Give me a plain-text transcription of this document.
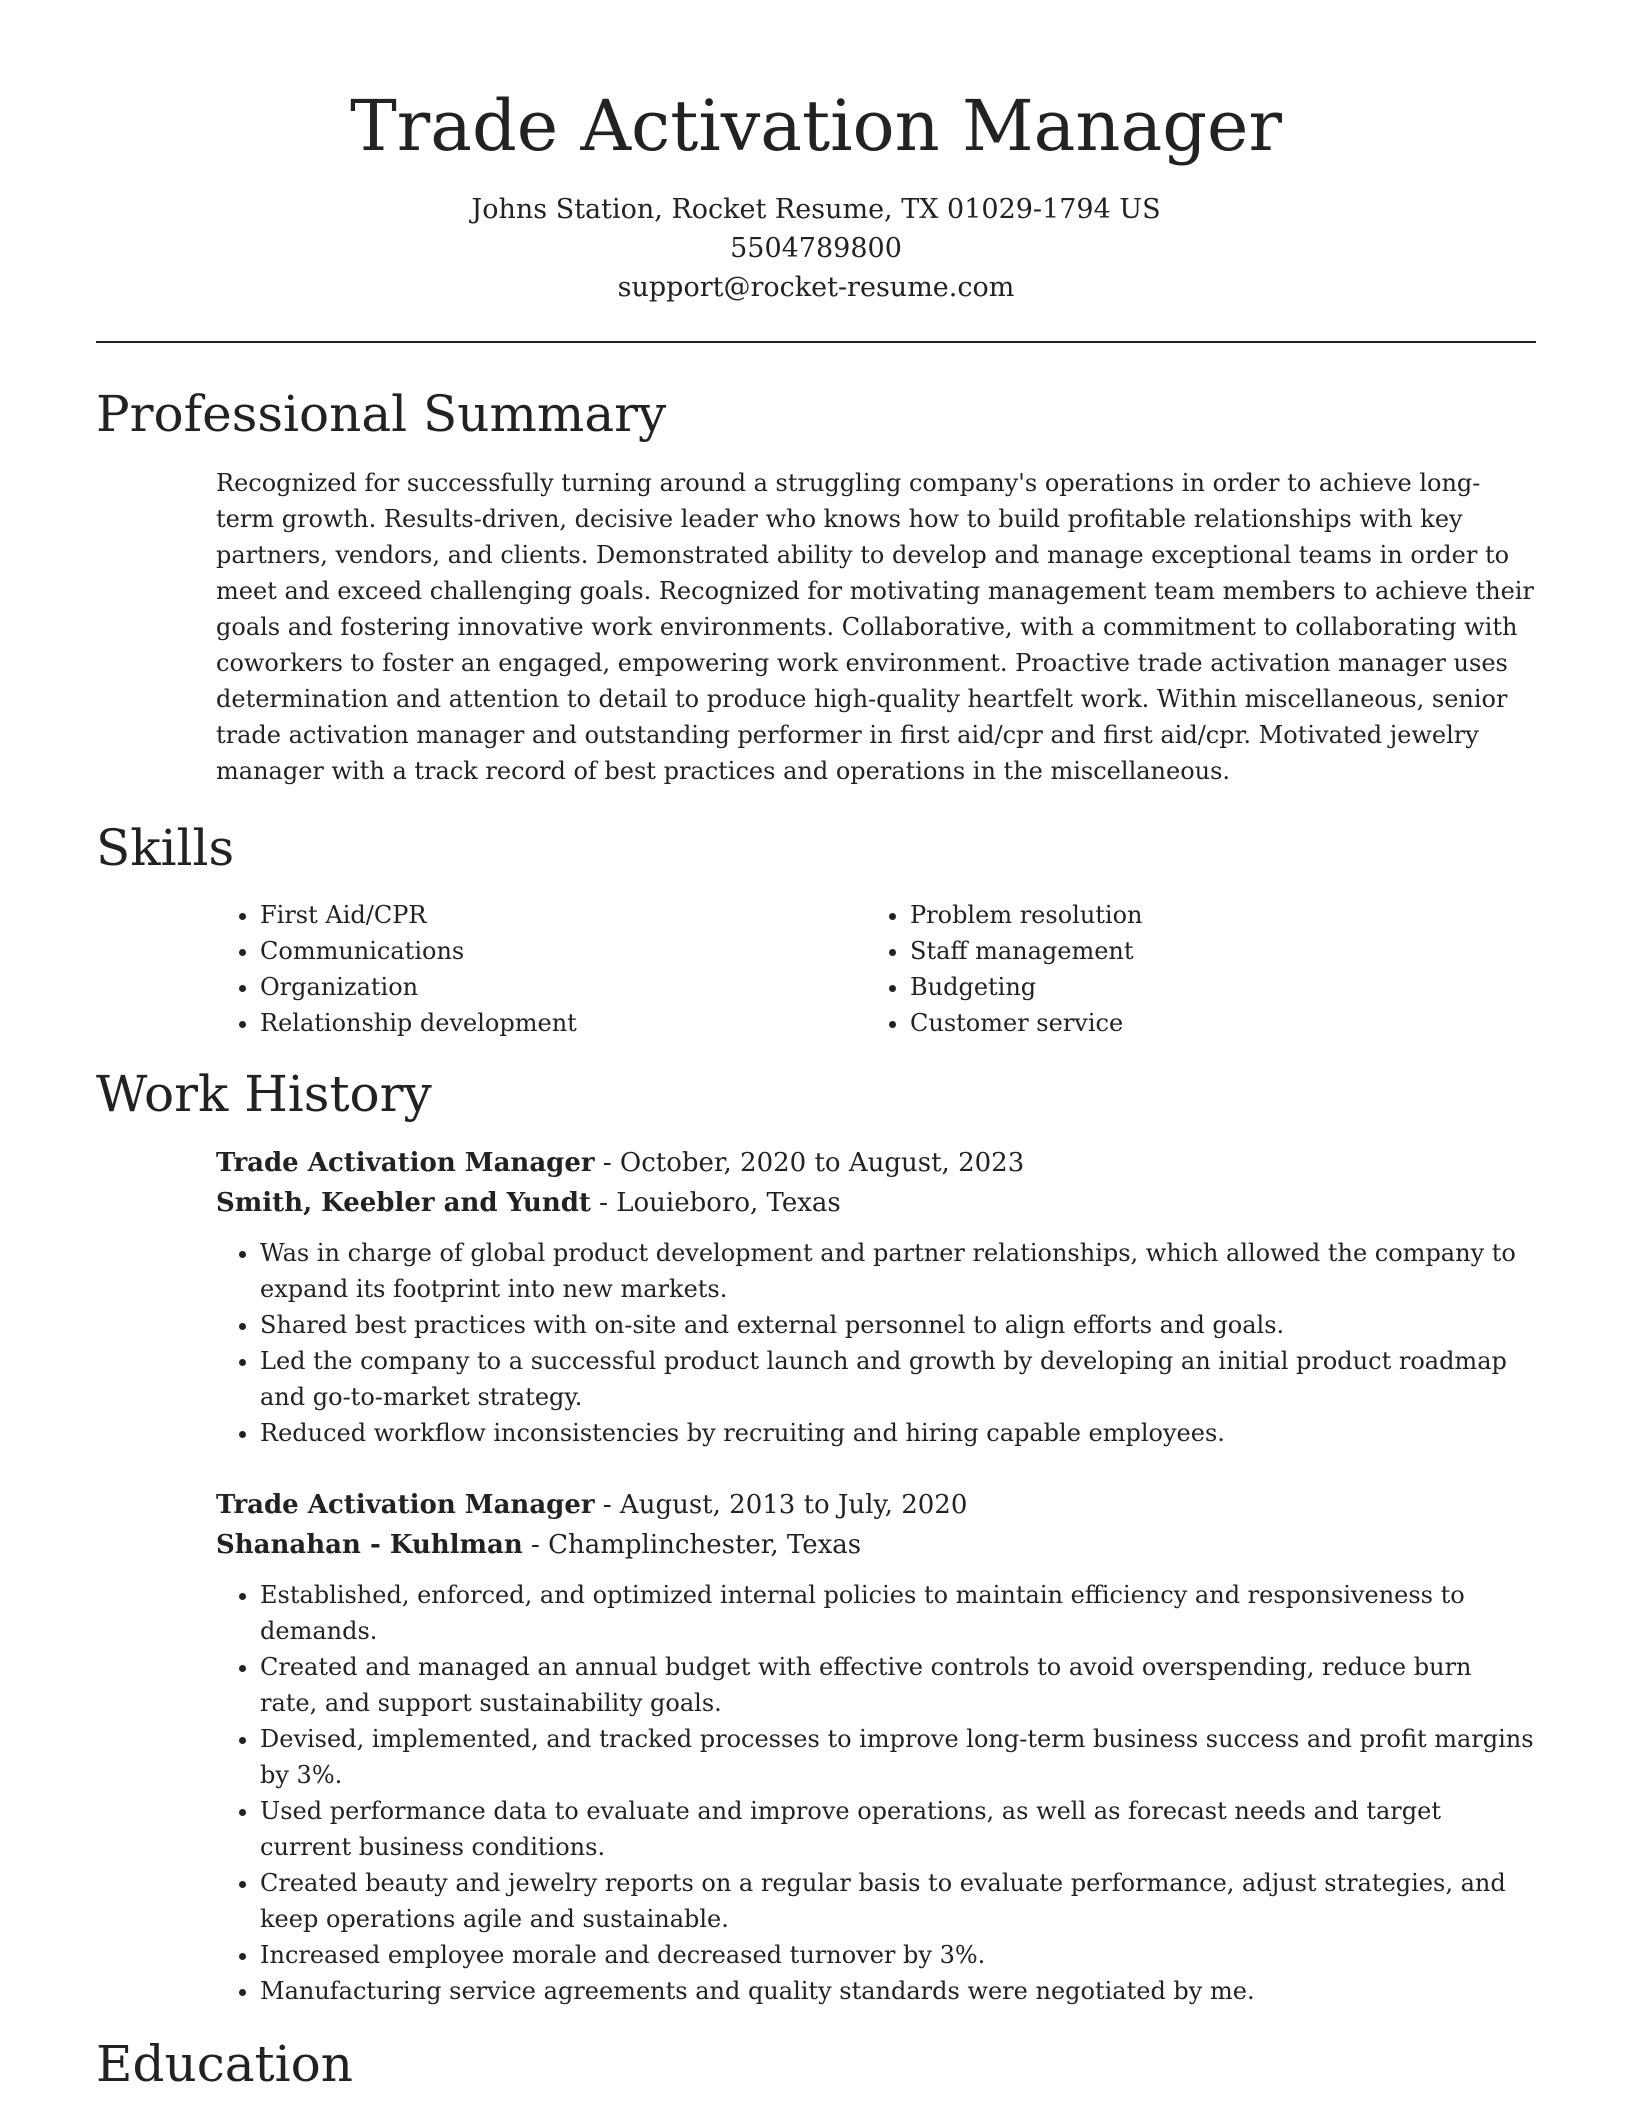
Trade Activation Manager
Johns Station, Rocket Resume, TX 01029-1794 US
5504789800
support@rocket-resume.com
Professional Summary

Recognized for successfully turning around a struggling company's operations in order to achieve long-term growth. Results-driven, decisive leader who knows how to build profitable relationships with key partners, vendors, and clients. Demonstrated ability to develop and manage exceptional teams in order to meet and exceed challenging goals. Recognized for motivating management team members to achieve their goals and fostering innovative work environments. Collaborative, with a commitment to collaborating with coworkers to foster an engaged, empowering work environment. Proactive trade activation manager uses determination and attention to detail to produce high-quality heartfelt work. Within miscellaneous, senior trade activation manager and outstanding performer in first aid/cpr and first aid/cpr. Motivated jewelry manager with a track record of best practices and operations in the miscellaneous.

Skills
• First Aid/CPR
• Communications
• Organization
• Relationship development
• Problem resolution
• Staff management
• Budgeting
• Customer service
Work History
Trade Activation Manager - October, 2020 to August, 2023
Smith, Keebler and Yundt - Louieboro, Texas
• Was in charge of global product development and partner relationships, which allowed the company to expand its footprint into new markets.
• Shared best practices with on-site and external personnel to align efforts and goals.
• Led the company to a successful product launch and growth by developing an initial product roadmap and go-to-market strategy.
• Reduced workflow inconsistencies by recruiting and hiring capable employees.
Trade Activation Manager - August, 2013 to July, 2020
Shanahan - Kuhlman - Champlinchester, Texas
• Established, enforced, and optimized internal policies to maintain efficiency and responsiveness to demands.
• Created and managed an annual budget with effective controls to avoid overspending, reduce burn rate, and support sustainability goals.
• Devised, implemented, and tracked processes to improve long-term business success and profit margins by 3%.
• Used performance data to evaluate and improve operations, as well as forecast needs and target current business conditions.
• Created beauty and jewelry reports on a regular basis to evaluate performance, adjust strategies, and keep operations agile and sustainable.
• Increased employee morale and decreased turnover by 3%.
• Manufacturing service agreements and quality standards were negotiated by me.
Education
